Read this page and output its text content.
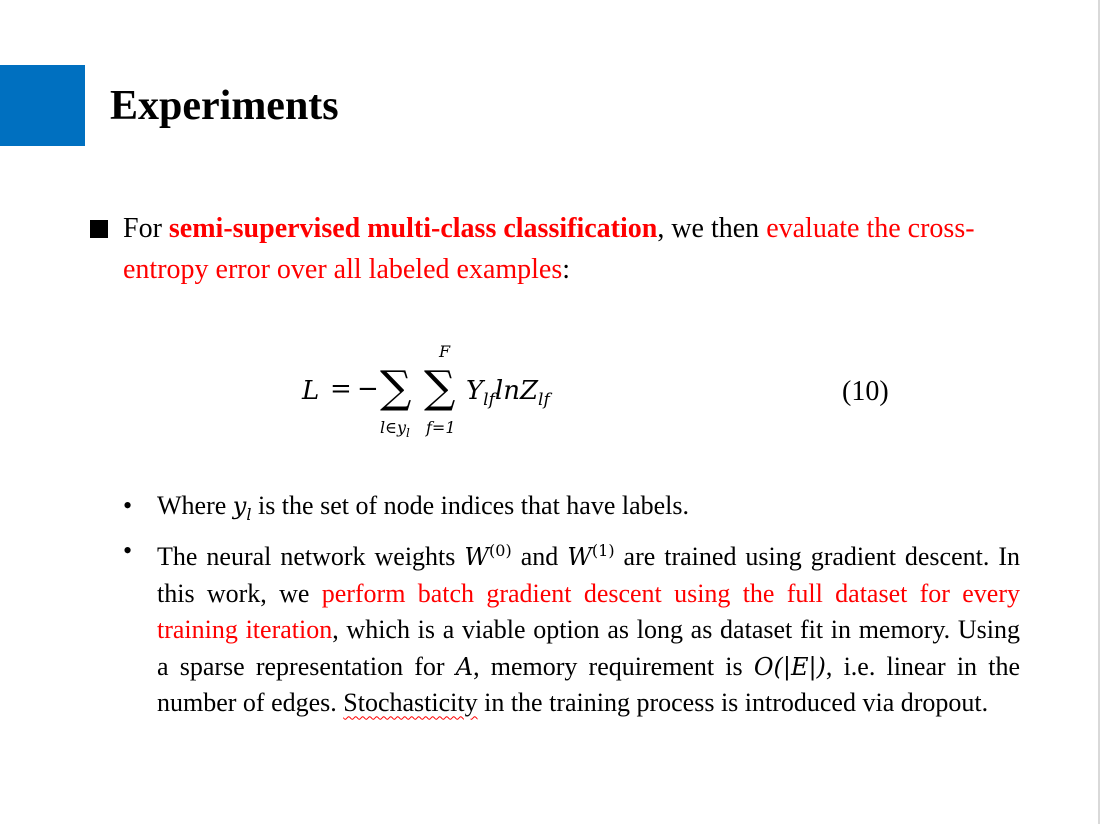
Experiments
For semi-supervised multi-class classification, we then evaluate the cross-entropy error over all labeled examples:
L = − ∑
$l\in y_l$
∑
F
f=1
$Y_{lf}\ln Z_{lf}$	(10)
• Where $y_l$ is the set of node indices that have labels.
• The neural network weights $W^{(0)}$ and $W^{(1)}$ are trained using gradient descent. In this work, we perform batch gradient descent using the full dataset for every training iteration, which is a viable option as long as dataset fit in memory. Using a sparse representation for A, memory requirement is O(|E|), i.e. linear in the number of edges. Stochasticity in the training process is introduced via dropout.
